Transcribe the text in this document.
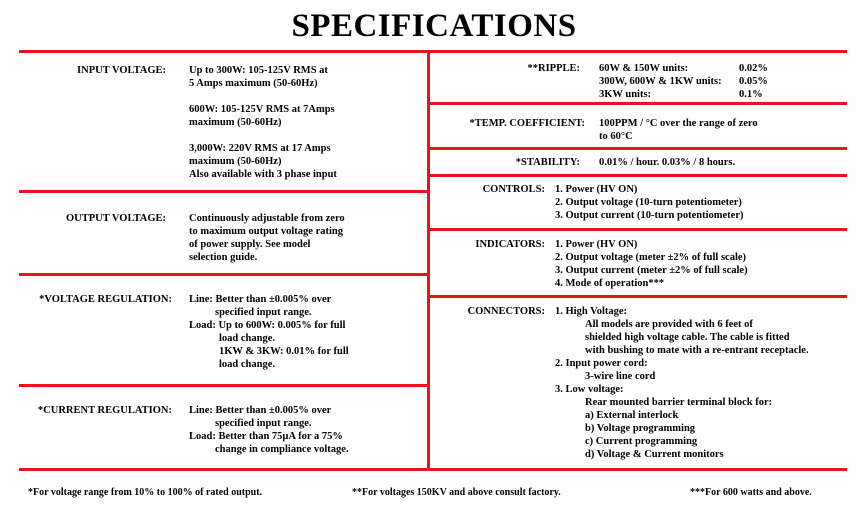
SPECIFICATIONS
INPUT VOLTAGE: Up to 300W: 105-125V RMS at
5 Amps maximum (50-60Hz)
600W: 105-125V RMS at 7Amps
maximum (50-60Hz)
3,000W: 220V RMS at 17 Amps
maximum (50-60Hz)
Also available with 3 phase input
OUTPUT VOLTAGE: Continuously adjustable from zero
to maximum output voltage rating
of power supply. See model
selection guide.
*VOLTAGE REGULATION: Line: Better than ±0.005% over
specified input range.
Load: Up to 600W: 0.005% for full
load change.
1KW & 3KW: 0.01% for full
load change.
*CURRENT REGULATION: Line: Better than ±0.005% over
specified input range.
Load: Better than 75µA for a 75%
change in compliance voltage.
**RIPPLE: 60W & 150W units:	0.02%
300W, 600W & 1KW units: 0.05%
3KW units:	0.1%
*TEMP. COEFFICIENT: 100PPM / °C over the range of zero
to 60°C
*STABILITY: 0.01% / hour. 0.03% / 8 hours.
CONTROLS: 1. Power (HV ON)
2. Output voltage (10-turn potentiometer)
3. Output current (10-turn potentiometer)
INDICATORS: 1. Power (HV ON)
2. Output voltage (meter ±2% of full scale)
3. Output current (meter ±2% of full scale)
4. Mode of operation***
CONNECTORS: 1. High Voltage:
All models are provided with 6 feet of
shielded high voltage cable. The cable is fitted
with bushing to mate with a re-entrant receptacle.
2. Input power cord:
3-wire line cord
3. Low voltage:
Rear mounted barrier terminal block for:
a) External interlock
b) Voltage programming
c) Current programming
d) Voltage & Current monitors
*For voltage range from 10% to 100% of rated output.	**For voltages 150KV and above consult factory.	***For 600 watts and above.
